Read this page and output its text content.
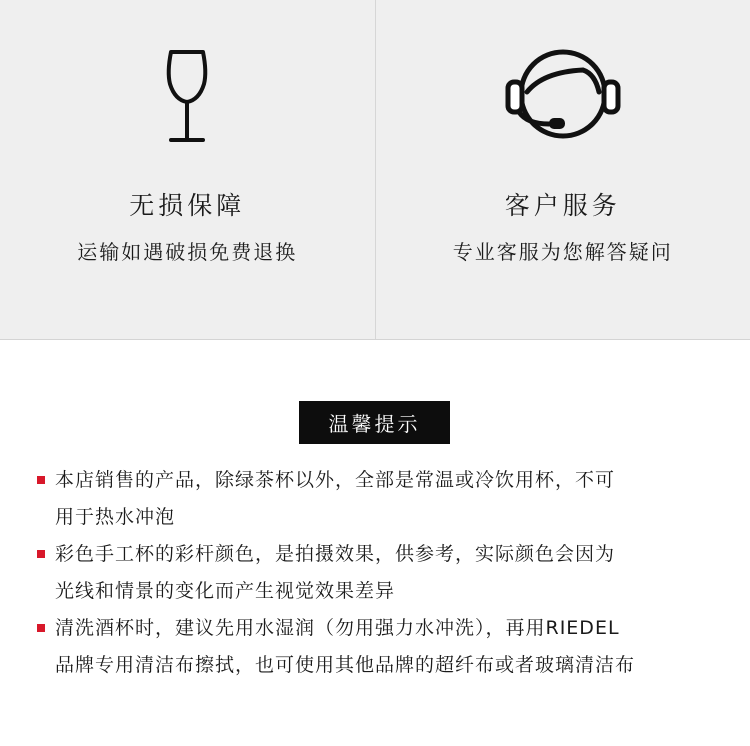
无损保障
运输如遇破损免费退换
客户服务
专业客服为您解答疑问
温馨提示
本店销售的产品，除绿茶杯以外，全部是常温或冷饮用杯，不可
用于热水冲泡
彩色手工杯的彩杆颜色，是拍摄效果，供参考，实际颜色会因为
光线和情景的变化而产生视觉效果差异
清洗酒杯时，建议先用水湿润（勿用强力水冲洗），再用RIEDEL
品牌专用清洁布擦拭，也可使用其他品牌的超纤布或者玻璃清洁布
